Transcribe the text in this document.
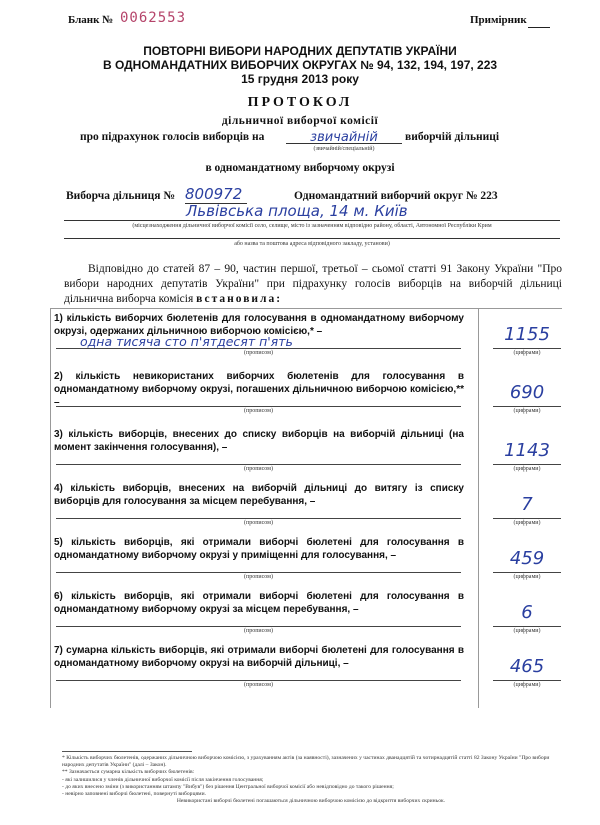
Бланк № 0062553	Примірник
ПОВТОРНІ ВИБОРИ НАРОДНИХ ДЕПУТАТІВ УКРАЇНИ
В ОДНОМАНДАТНИХ ВИБОРЧИХ ОКРУГАХ № 94, 132, 194, 197, 223
15 грудня 2013 року
ПРОТОКОЛ
дільничної виборчої комісії
про підрахунок голосів виборців на	звичайній
(звичайній/спеціальній)
виборчій дільниці
в одномандатному виборчому окрузі
Виборча дільниця № 800972	Одномандатний виборчий округ № 223
Львівська площа, 14 м. Київ
(місцезнаходження дільничної виборчої комісії село, селище, місто із зазначенням відповідно району, області, Автономної Республіки Крим
або назва та поштова адреса відповідного закладу, установи)
Відповідно до статей 87 – 90, частин першої, третьої – сьомої статті 91 Закону України "Про вибори народних депутатів України" при підрахунку голосів виборців на виборчій дільниці дільнична виборча комісія встановила:
1) кількість виборчих бюлетенів для голосування в одномандатному виборчому окрузі, одержаних дільничною виборчою комісією,* –
одна тисяча сто п'ятдесят п'ять
(прописом)
1155
(цифрами)
2) кількість невикористаних виборчих бюлетенів для голосування в одномандатному виборчому окрузі, погашених дільничною виборчою комісією,** –
(прописом)
690
(цифрами)
3) кількість виборців, внесених до списку виборців на виборчій дільниці (на момент закінчення голосування), –
(прописом)
1143
(цифрами)
4) кількість виборців, внесених на виборчій дільниці до витягу із списку виборців для голосування за місцем перебування, –
(прописом)
7
(цифрами)
5) кількість виборців, які отримали виборчі бюлетені для голосування в одномандатному виборчому окрузі у приміщенні для голосування, –
(прописом)
459
(цифрами)
6) кількість виборців, які отримали виборчі бюлетені для голосування в одномандатному виборчому окрузі за місцем перебування, –
(прописом)
6
(цифрами)
7) сумарна кількість виборців, які отримали виборчі бюлетені для голосування в одномандатному виборчому окрузі на виборчій дільниці, –
(прописом)
465
(цифрами)
* Кількість виборчих бюлетенів, одержаних дільничною виборчою комісією, з урахуванням актів (за наявності), зазначених у частинах дванадцятій та чотирнадцятій статті 82 Закону України "Про вибори народних депутатів України" (далі – Закон).
** Зазначається сумарна кількість виборчих бюлетенів:
- які залишилися у членів дільничної виборчої комісії після закінчення голосування;
- до яких внесено зміни (з використанням штампу "Вибув") без рішення Центральної виборчої комісії або невідповідно до такого рішення;
- невірно заповнені виборчі бюлетені, повернуті виборцями.
Невикористані виборчі бюлетені погашаються дільничною виборчою комісією до відкриття виборчих скриньок.
